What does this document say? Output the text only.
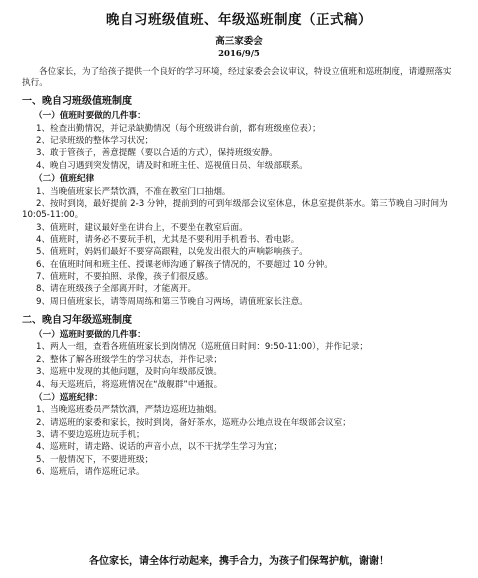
晚自习班级值班、年级巡班制度（正式稿）
高三家委会
2016/9/5
各位家长，为了给孩子提供一个良好的学习环境，经过家委会会议审议，特设立值班和巡班制度，请遵照落实执行。
一、晚自习班级值班制度
（一）值班时要做的几件事：
1、检查出勤情况，并记录缺勤情况（每个班级讲台前，都有班级座位表）；
2、记录班级的整体学习状况；
3、敢于管孩子，善意提醒（要以合适的方式），保持班级安静。
4、晚自习遇到突发情况，请及时和班主任、巡视值日员、年级部联系。
（二）值班纪律
1、当晚值班家长严禁饮酒，不准在教室门口抽烟。
2、按时到岗，最好提前 2-3 分钟，提前到的可到年级部会议室休息，休息室提供茶水。第三节晚自习时间为 10:05-11:00。
3、值班时，建议最好坐在讲台上，不要坐在教室后面。
4、值班时，请务必不要玩手机，尤其是不要利用手机看书、看电影。
5、值班时，妈妈们最好不要穿高跟鞋，以免发出很大的声响影响孩子。
6、在值班时间和班主任、授课老师沟通了解孩子情况的，不要超过 10 分钟。
7、值班时，不要拍照、录像，孩子们很反感。
8、请在班级孩子全部离开时，才能离开。
9、周日值班家长，请等周周练和第三节晚自习两场，请值班家长注意。
二、晚自习年级巡班制度
（一）巡班时要做的几件事：
1、两人一组，查看各班值班家长到岗情况（巡班值日时间：9:50-11:00），并作记录；
2、整体了解各班级学生的学习状态，并作记录；
3、巡班中发现的其他问题，及时向年级部反馈。
4、每天巡班后，将巡班情况在“战舰群”中通报。
（二）巡班纪律：
1、当晚巡班委员严禁饮酒，严禁边巡班边抽烟。
2、请巡班的家委和家长，按时到岗，备好茶水，巡班办公地点设在年级部会议室；
3、请不要边巡班边玩手机；
4、巡班时，请走路、说话的声音小点，以不干扰学生学习为宜；
5、一般情况下，不要进班级；
6、巡班后，请作巡班记录。
各位家长，请全体行动起来，携手合力，为孩子们保驾护航，谢谢！
